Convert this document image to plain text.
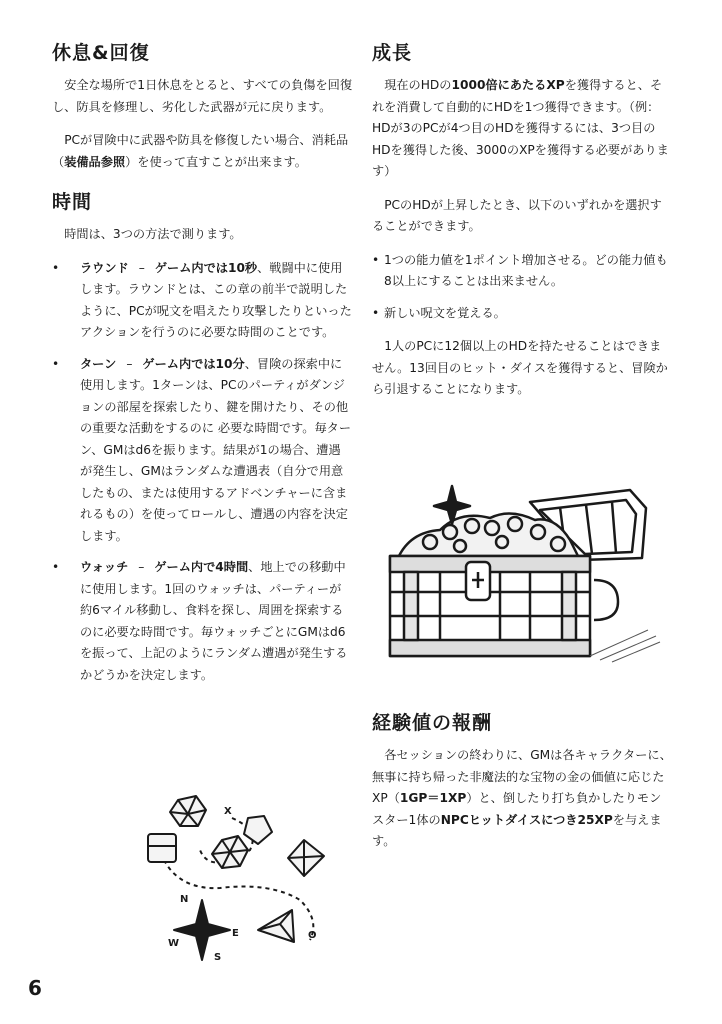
休息&回復

安全な場所で1日休息をとると、すべての負傷を回復し、防具を修理し、劣化した武器が元に戻ります。

PCが冒険中に武器や防具を修復したい場合、消耗品（装備品参照）を使って直すことが出来ます。

時間

時間は、3つの方法で測ります。

• ラウンド – ゲーム内では10秒、戦闘中に使用します。ラウンドとは、この章の前半で説明したように、PCが呪文を唱えたり攻撃したりといったアクションを行うのに必要な時間のことです。
• ターン – ゲーム内では10分、冒険の探索中に使用します。1ターンは、PCのパーティがダンジョンの部屋を探索したり、鍵を開けたり、その他の重要な活動をするのに 必要な時間です。毎ターン、GMはd6を振ります。結果が1の場合、遭遇が発生し、GMはランダムな遭遇表（自分で用意したもの、または使用するアドベンチャーに含まれるもの）を使ってロールし、遭遇の内容を決定します。
• ウォッチ – ゲーム内で4時間、地上での移動中に使用します。1回のウォッチは、パーティーが約6マイル移動し、食料を探し、周囲を探索するのに必要な時間です。毎ウォッチごとにGMはd6を振って、上記のようにランダム遭遇が発生するかどうかを決定します。
成長

現在のHDの1000倍にあたるXPを獲得すると、それを消費して自動的にHDを1つ獲得できます。（例：HDが3のPCが4つ目のHDを獲得するには、3つ目のHDを獲得した後、3000のXPを獲得する必要があります）

PCのHDが上昇したとき、以下のいずれかを選択することができます。

• 1つの能力値を1ポイント増加させる。どの能力値も8以上にすることは出来ません。
• 新しい呪文を覚える。

1人のPCに12個以上のHDを持たせることはできません。13回目のヒット・ダイスを獲得すると、冒険から引退することになります。

経験値の報酬

各セッションの終わりに、GMは各キャラクターに、無事に持ち帰った非魔法的な宝物の金の価値に応じたXP（1GP＝1XP）と、倒したり打ち負かしたりモンスター1体のNPCヒットダイスにつき25XPを与えます。

X
N
E
S
W
O
6
